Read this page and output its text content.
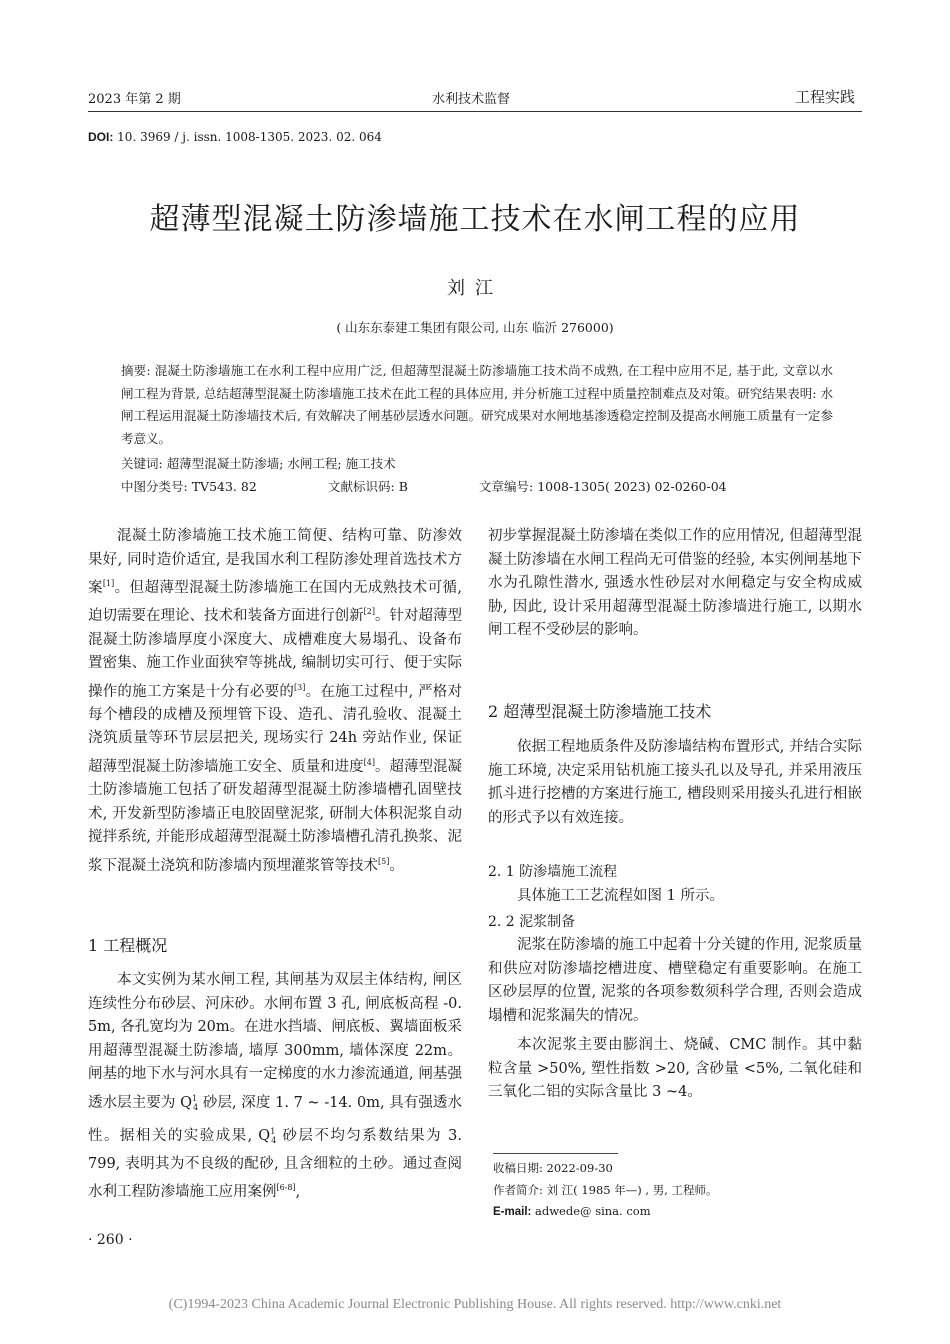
2023 年第 2 期	水利技术监督	工程实践
DOI: 10. 3969 / j. issn. 1008-1305. 2023. 02. 064
超薄型混凝土防渗墙施工技术在水闸工程的应用
刘江
( 山东东泰建工集团有限公司, 山东 临沂 276000)
摘要: 混凝土防渗墙施工在水利工程中应用广泛, 但超薄型混凝土防渗墙施工技术尚不成熟, 在工程中应用不足, 基于此, 文章以水闸工程为背景, 总结超薄型混凝土防渗墙施工技术在此工程的具体应用, 并分析施工过程中质量控制难点及对策。研究结果表明: 水闸工程运用混凝土防渗墙技术后, 有效解决了闸基砂层透水问题。研究成果对水闸地基渗透稳定控制及提高水闸施工质量有一定参考意义。
关键词: 超薄型混凝土防渗墙; 水闸工程; 施工技术
中图分类号: TV543. 82	文献标识码: B	文章编号: 1008-1305( 2023) 02-0260-04

混凝土防渗墙施工技术施工简便、结构可靠、防渗效果好, 同时造价适宜, 是我国水利工程防渗处理首选技术方案[1]。但超薄型混凝土防渗墙施工在国内无成熟技术可循, 迫切需要在理论、技术和装备方面进行创新[2]。针对超薄型混凝土防渗墙厚度小深度大、成槽难度大易塌孔、设备布置密集、施工作业面狭窄等挑战, 编制切实可行、便于实际操作的施工方案是十分有必要的[3]。在施工过程中, 严格对每个槽段的成槽及预埋管下设、造孔、清孔验收、混凝土浇筑质量等环节层层把关, 现场实行 24h 旁站作业, 保证超薄型混凝土防渗墙施工安全、质量和进度[4]。超薄型混凝土防渗墙施工包括了研发超薄型混凝土防渗墙槽孔固壁技术, 开发新型防渗墙正电胶固壁泥浆, 研制大体积泥浆自动搅拌系统, 并能形成超薄型混凝土防渗墙槽孔清孔换浆、泥浆下混凝土浇筑和防渗墙内预埋灌浆管等技术[5]。

1 工程概况

本文实例为某水闸工程, 其闸基为双层主体结构, 闸区连续性分布砂层、河床砂。水闸布置 3 孔, 闸底板高程 -0. 5m, 各孔宽均为 20m。在进水挡墙、闸底板、翼墙面板采用超薄型混凝土防渗墙, 墙厚 300mm, 墙体深度 22m。闸基的地下水与河水具有一定梯度的水力渗流通道, 闸基强透水层主要为 $Q^1_4$ 砂层, 深度 1. 7 ~ -14. 0m, 具有强透水性。据相关的实验成果, $Q^1_4$ 砂层不均匀系数结果为 3. 799, 表明其为不良级的配砂, 且含细粒的土砂。通过查阅水利工程防渗墙施工应用案例[6-8],

初步掌握混凝土防渗墙在类似工作的应用情况, 但超薄型混凝土防渗墙在水闸工程尚无可借鉴的经验, 本实例闸基地下水为孔隙性潜水, 强透水性砂层对水闸稳定与安全构成威胁, 因此, 设计采用超薄型混凝土防渗墙进行施工, 以期水闸工程不受砂层的影响。

2 超薄型混凝土防渗墙施工技术

依据工程地质条件及防渗墙结构布置形式, 并结合实际施工环境, 决定采用钻机施工接头孔以及导孔, 并采用液压抓斗进行挖槽的方案进行施工, 槽段则采用接头孔进行相嵌的形式予以有效连接。

2. 1 防渗墙施工流程

具体施工工艺流程如图 1 所示。

2. 2 泥浆制备

泥浆在防渗墙的施工中起着十分关键的作用, 泥浆质量和供应对防渗墙挖槽进度、槽壁稳定有重要影响。在施工区砂层厚的位置, 泥浆的各项参数须科学合理, 否则会造成塌槽和泥浆漏失的情况。

本次泥浆主要由膨润土、烧碱、CMC 制作。其中黏粒含量 >50%, 塑性指数 >20, 含砂量 <5%, 二氧化硅和三氧化二铝的实际含量比 3 ~4。

收稿日期: 2022-09-30
作者简介: 刘 江( 1985 年—) , 男, 工程师。
E-mail: adwede@ sina. com
· 260 ·
(C)1994-2023 China Academic Journal Electronic Publishing House. All rights reserved. http://www.cnki.net
